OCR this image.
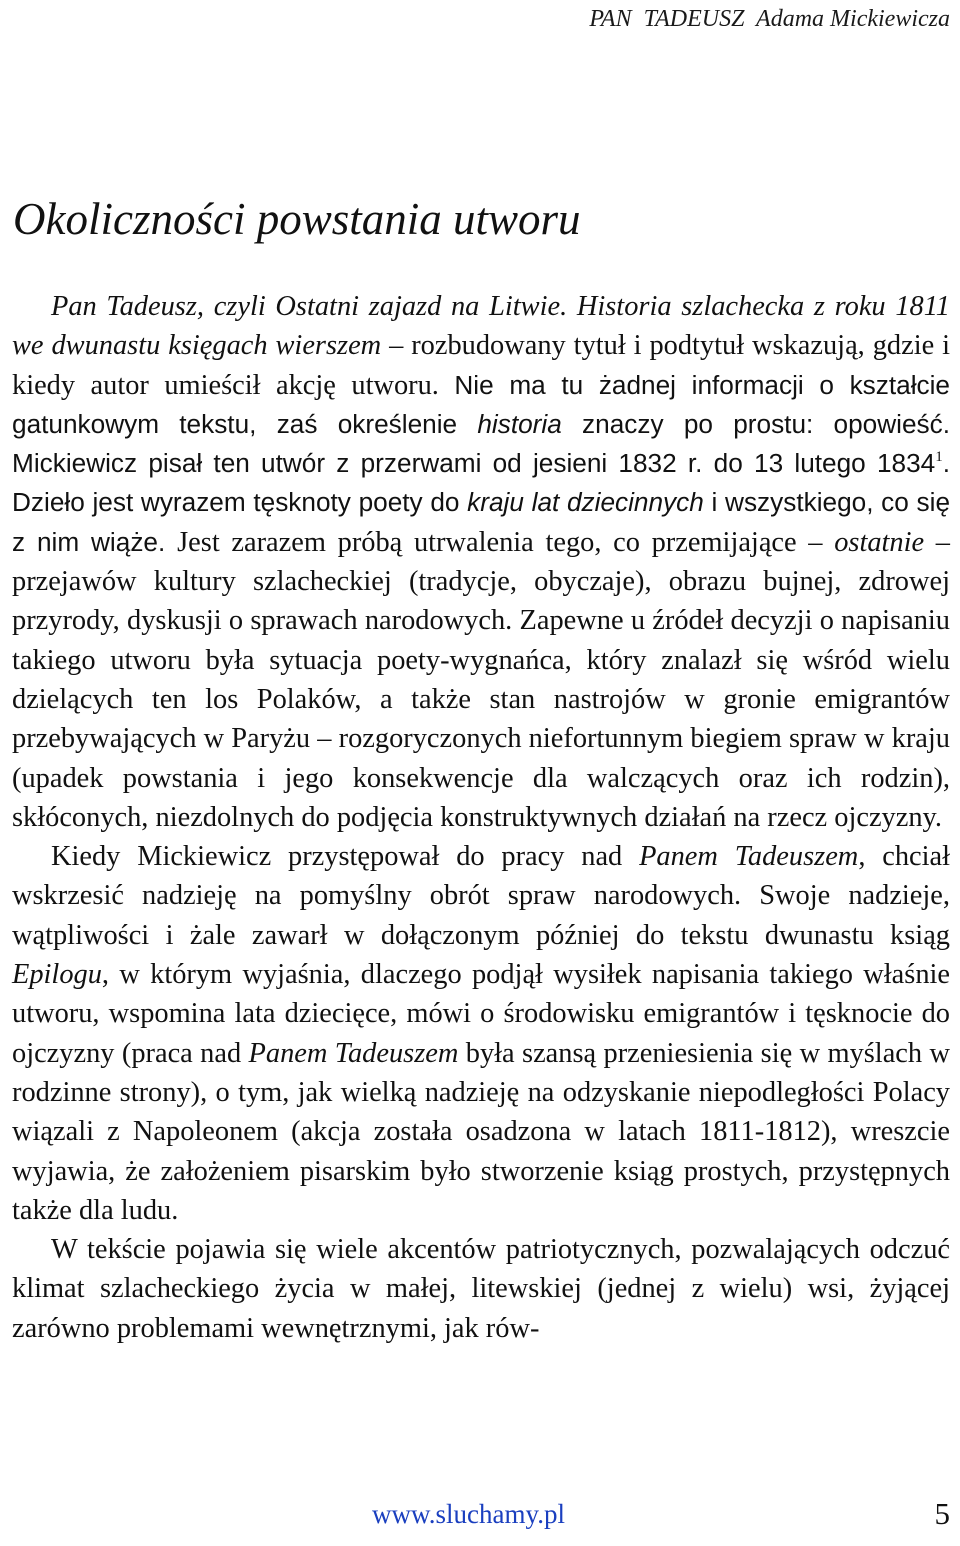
PAN  TADEUSZ  Adama Mickiewicza
Okoliczności powstania utworu

Pan Tadeusz, czyli Ostatni zajazd na Litwie. Historia szlachecka z roku 1811 we dwunastu księgach wierszem – rozbudowany tytuł i podtytuł wskazują, gdzie i kiedy autor umieścił akcję utworu. Nie ma tu żadnej informacji o kształcie gatunkowym tekstu, zaś określenie historia znaczy po prostu: opowieść. Mickiewicz pisał ten utwór z przerwami od jesieni 1832 r. do 13 lutego 1834$^1$. Dzieło jest wyrazem tęsknoty poety do kraju lat dziecinnych i wszystkiego, co się z nim wiąże. Jest zarazem próbą utrwalenia tego, co przemijające – ostatnie – przejawów kultury szlacheckiej (tradycje, obyczaje), obrazu bujnej, zdrowej przyrody, dyskusji o sprawach narodowych. Zapewne u źródeł decyzji o napisaniu takiego utworu była sytuacja poety-wygnańca, który znalazł się wśród wielu dzielących ten los Polaków, a także stan nastrojów w gronie emigrantów przebywających w Paryżu – rozgoryczonych niefortunnym biegiem spraw w kraju (upadek powstania i jego konsekwencje dla walczących oraz ich rodzin), skłóconych, niezdolnych do podjęcia konstruktywnych działań na rzecz ojczyzny.

Kiedy Mickiewicz przystępował do pracy nad Panem Tadeuszem, chciał wskrzesić nadzieję na pomyślny obrót spraw narodowych. Swoje nadzieje, wątpliwości i żale zawarł w dołączonym później do tekstu dwunastu ksiąg Epilogu, w którym wyjaśnia, dlaczego podjął wysiłek napisania takiego właśnie utworu, wspomina lata dziecięce, mówi o środowisku emigrantów i tęsknocie do ojczyzny (praca nad Panem Tadeuszem była szansą przeniesienia się w myślach w rodzinne strony), o tym, jak wielką nadzieję na odzyskanie niepodległości Polacy wiązali z Napoleonem (akcja została osadzona w latach 1811-1812), wreszcie wyjawia, że założeniem pisarskim było stworzenie ksiąg prostych, przystępnych także dla ludu.

W tekście pojawia się wiele akcentów patriotycznych, pozwalających odczuć klimat szlacheckiego życia w małej, litewskiej (jednej z wielu) wsi, żyjącej zarówno problemami wewnętrznymi, jak rów-

www.sluchamy.pl	5
